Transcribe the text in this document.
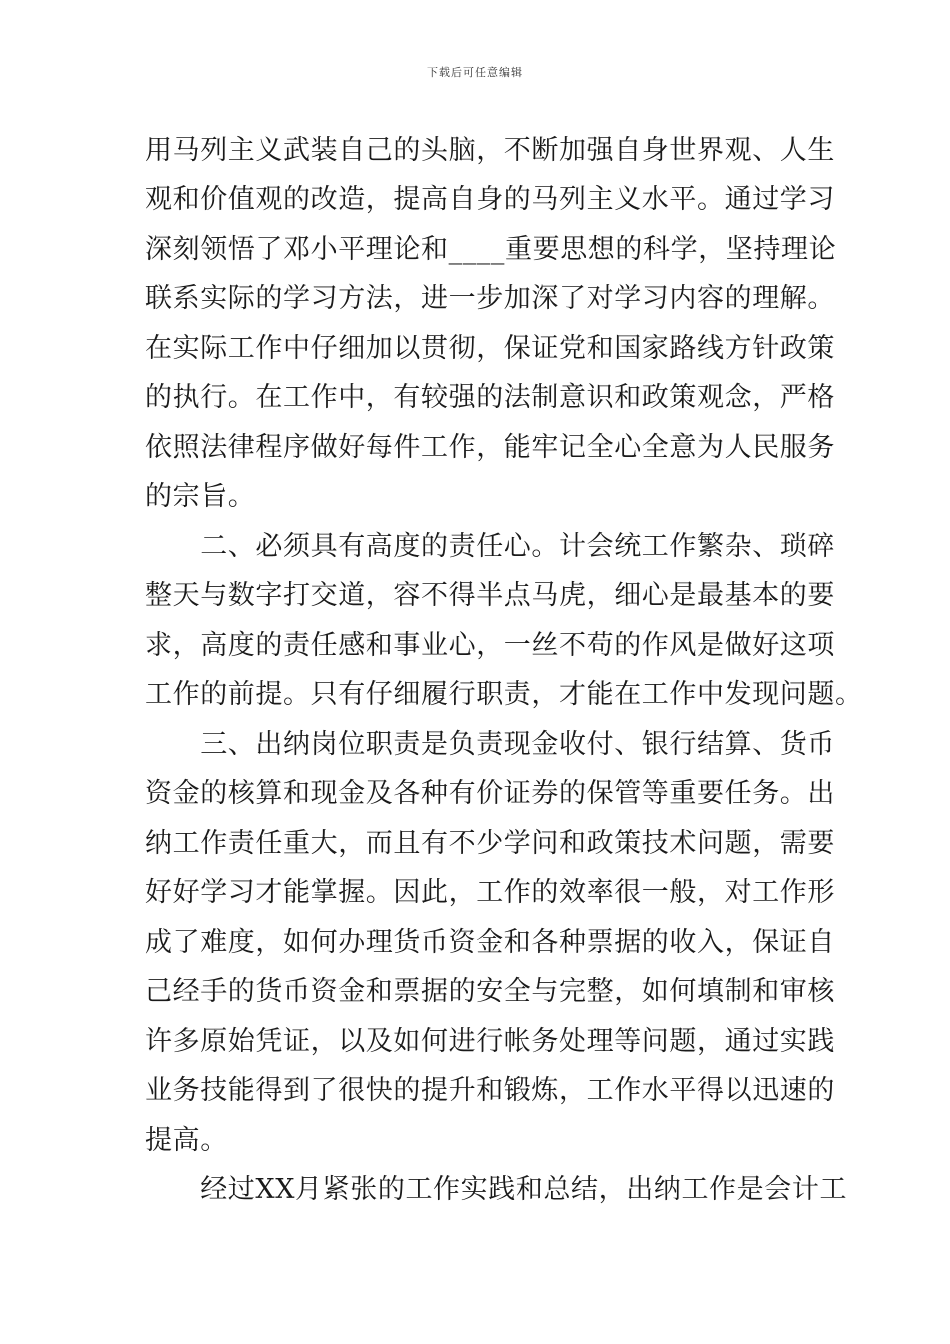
下载后可任意编辑
用马列主义武装自己的头脑，不断加强自身世界观、人生
观和价值观的改造，提高自身的马列主义水平。通过学习
深刻领悟了邓小平理论和____重要思想的科学，坚持理论
联系实际的学习方法，进一步加深了对学习内容的理解。
在实际工作中仔细加以贯彻，保证党和国家路线方针政策
的执行。在工作中，有较强的法制意识和政策观念，严格
依照法律程序做好每件工作，能牢记全心全意为人民服务
的宗旨。
　　二、必须具有高度的责任心。计会统工作繁杂、琐碎
整天与数字打交道，容不得半点马虎，细心是最基本的要
求，高度的责任感和事业心，一丝不苟的作风是做好这项
工作的前提。只有仔细履行职责，才能在工作中发现问题。
　　三、出纳岗位职责是负责现金收付、银行结算、货币
资金的核算和现金及各种有价证券的保管等重要任务。出
纳工作责任重大，而且有不少学问和政策技术问题，需要
好好学习才能掌握。因此，工作的效率很一般，对工作形
成了难度，如何办理货币资金和各种票据的收入，保证自
己经手的货币资金和票据的安全与完整，如何填制和审核
许多原始凭证，以及如何进行帐务处理等问题，通过实践
业务技能得到了很快的提升和锻炼，工作水平得以迅速的
提高。
　　经过XX月紧张的工作实践和总结，出纳工作是会计工
